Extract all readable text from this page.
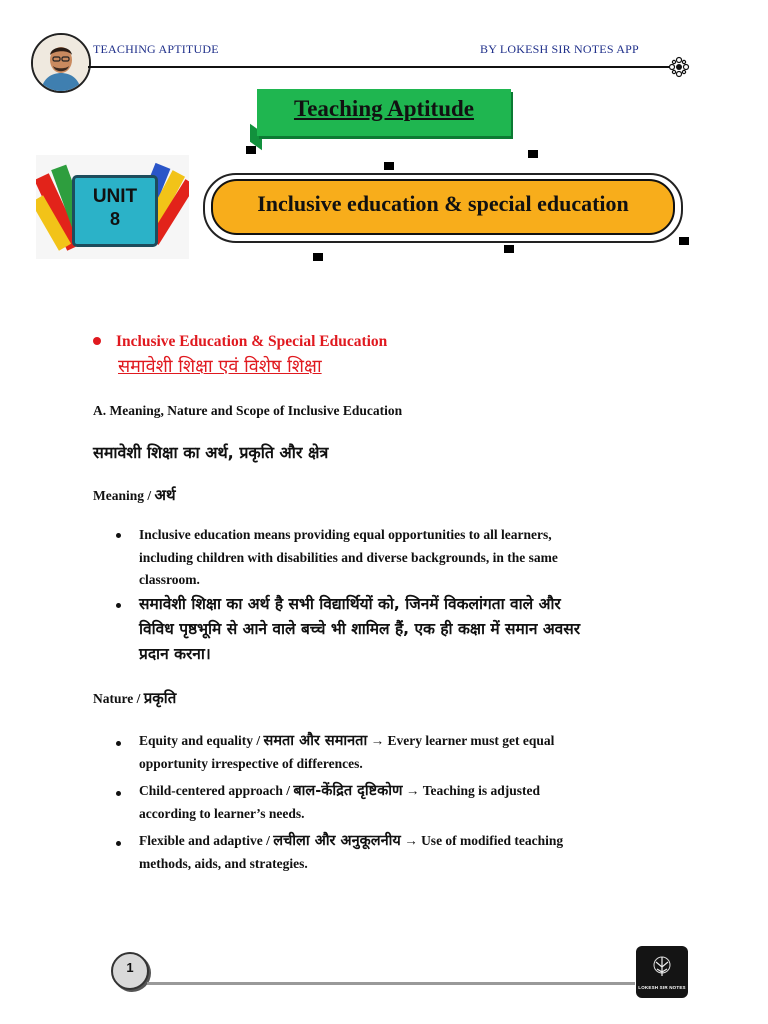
TEACHING APTITUDE	BY LOKESH SIR NOTES APP
Teaching Aptitude
UNIT
8
Inclusive education & special education
Inclusive Education & Special Education
समावेशी शिक्षा एवं विशेष शिक्षा
A. Meaning, Nature and Scope of Inclusive Education
समावेशी शिक्षा का अर्थ, प्रकृति और क्षेत्र
Meaning / अर्थ
Inclusive education means providing equal opportunities to all learners,
including children with disabilities and diverse backgrounds, in the same
classroom.
समावेशी शिक्षा का अर्थ है सभी विद्यार्थियों को, जिनमें विकलांगता वाले और
विविध पृष्ठभूमि से आने वाले बच्चे भी शामिल हैं, एक ही कक्षा में समान अवसर
प्रदान करना।
Nature / प्रकृति
Equity and equality / समता और समानता → Every learner must get equal
opportunity irrespective of differences.
Child-centered approach / बाल-केंद्रित दृष्टिकोण → Teaching is adjusted
according to learner’s needs.
Flexible and adaptive / लचीला और अनुकूलनीय → Use of modified teaching
methods, aids, and strategies.
1
LOKESH SIR NOTES
